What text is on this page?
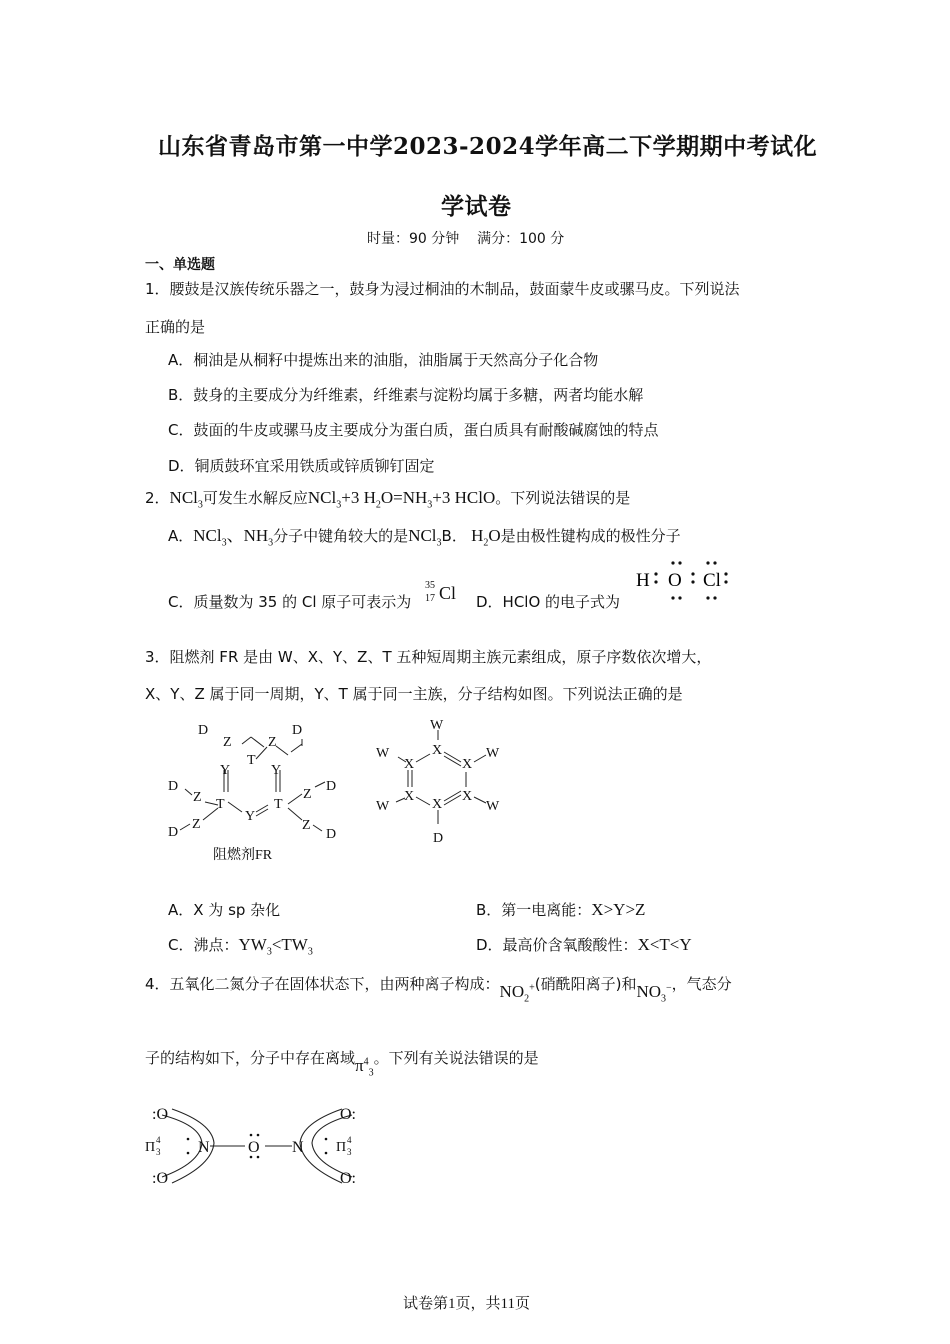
山东省青岛市第一中学2023-2024学年高二下学期期中考试化
学试卷
时量：90 分钟    满分：100 分
一、单选题
1．腰鼓是汉族传统乐器之一，鼓身为浸过桐油的木制品，鼓面蒙牛皮或骡马皮。下列说法
正确的是
A．桐油是从桐籽中提炼出来的油脂，油脂属于天然高分子化合物
B．鼓身的主要成分为纤维素，纤维素与淀粉均属于多糖，两者均能水解
C．鼓面的牛皮或骡马皮主要成分为蛋白质，蛋白质具有耐酸碱腐蚀的特点
D．铜质鼓环宜采用铁质或锌质铆钉固定
2．NCl$_3$可发生水解反应NCl$_3$+3 $H_2O=NH_3+3$ HClO。下列说法错误的是
A．NCl$_3$、$NH_3$分子中键角较大的是NCl$_3$B． $H_2O$是由极性键构成的极性分子
C．质量数为 35 的 Cl 原子可表示为
35
17 Cl D．HClO 的电子式为
H O Cl
3．阻燃剂 FR 是由 W、X、Y、Z、T 五种短周期主族元素组成，原子序数依次增大，
X、Y、Z 属于同一周期，Y、T 属于同一主族，分子结构如图。下列说法正确的是
D
Z	Z
D
T
Y	Y
T	T
Y
D
Z
D
Z	Z
D
Z
D
阻燃剂FR
W
X
W
X	X
W
X
W
X
W
X
D
A．X 为 sp 杂化	B．第一电离能：X>Y>Z
C．沸点：$YW_3<TW_3$	D．最高价含氧酸酸性：X<T<Y
4．五氧化二氮分子在固体状态下，由两种离子构成：$NO_2^+$(硝酰阳离子)和$NO_3^-$，气态分
子的结构如下，分子中存在离域$\pi^4_3$。下列有关说法错误的是
:O
:O
N O N
O:
O:
Π 4
3	Π 4
3
试卷第1页，共11页
